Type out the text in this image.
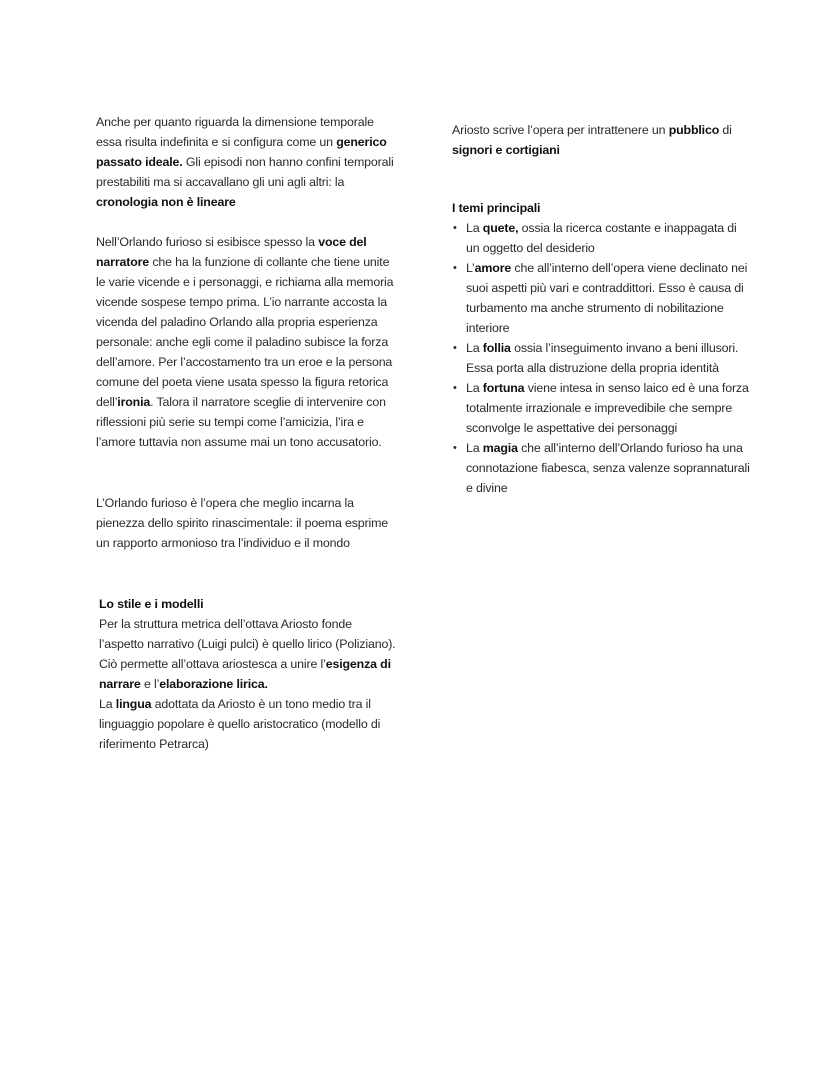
Anche per quanto riguarda la dimensione temporale essa risulta indefinita e si configura come un generico passato ideale. Gli episodi non hanno confini temporali prestabiliti ma si accavallano gli uni agli altri: la cronologia non è lineare

Nell’Orlando furioso si esibisce spesso la voce del narratore che ha la funzione di collante che tiene unite le varie vicende e i personaggi, e richiama alla memoria vicende sospese tempo prima. L’io narrante accosta la vicenda del paladino Orlando alla propria esperienza personale: anche egli come il paladino subisce la forza dell’amore. Per l’accostamento tra un eroe e la persona comune del poeta viene usata spesso la figura retorica dell’ironia. Talora il narratore sceglie di intervenire con riflessioni più serie su tempi come l’amicizia, l’ira e l’amore tuttavia non assume mai un tono accusatorio.

L’Orlando furioso è l’opera che meglio incarna la pienezza dello spirito rinascimentale: il poema esprime un rapporto armonioso tra l’individuo e il mondo

Lo stile e i modelli

Per la struttura metrica dell’ottava Ariosto fonde l’aspetto narrativo (Luigi pulci) è quello lirico (Poliziano). Ciò permette all’ottava ariostesca a unire l’esigenza di narrare e l’elaborazione lirica.

La lingua adottata da Ariosto è un tono medio tra il linguaggio popolare è quello aristocratico (modello di riferimento Petrarca)

Ariosto scrive l’opera per intrattenere un pubblico di signori e cortigiani

I temi principali

• La quete, ossia la ricerca costante e inappagata di un oggetto del desiderio
• L’amore che all’interno dell’opera viene declinato nei suoi aspetti più vari e contraddittori. Esso è causa di turbamento ma anche strumento di nobilitazione interiore
• La follia ossia l’inseguimento invano a beni illusori. Essa porta alla distruzione della propria identità
• La fortuna viene intesa in senso laico ed è una forza totalmente irrazionale e imprevedibile che sempre sconvolge le aspettative dei personaggi
• La magia che all’interno dell’Orlando furioso ha una connotazione fiabesca, senza valenze soprannaturali e divine
